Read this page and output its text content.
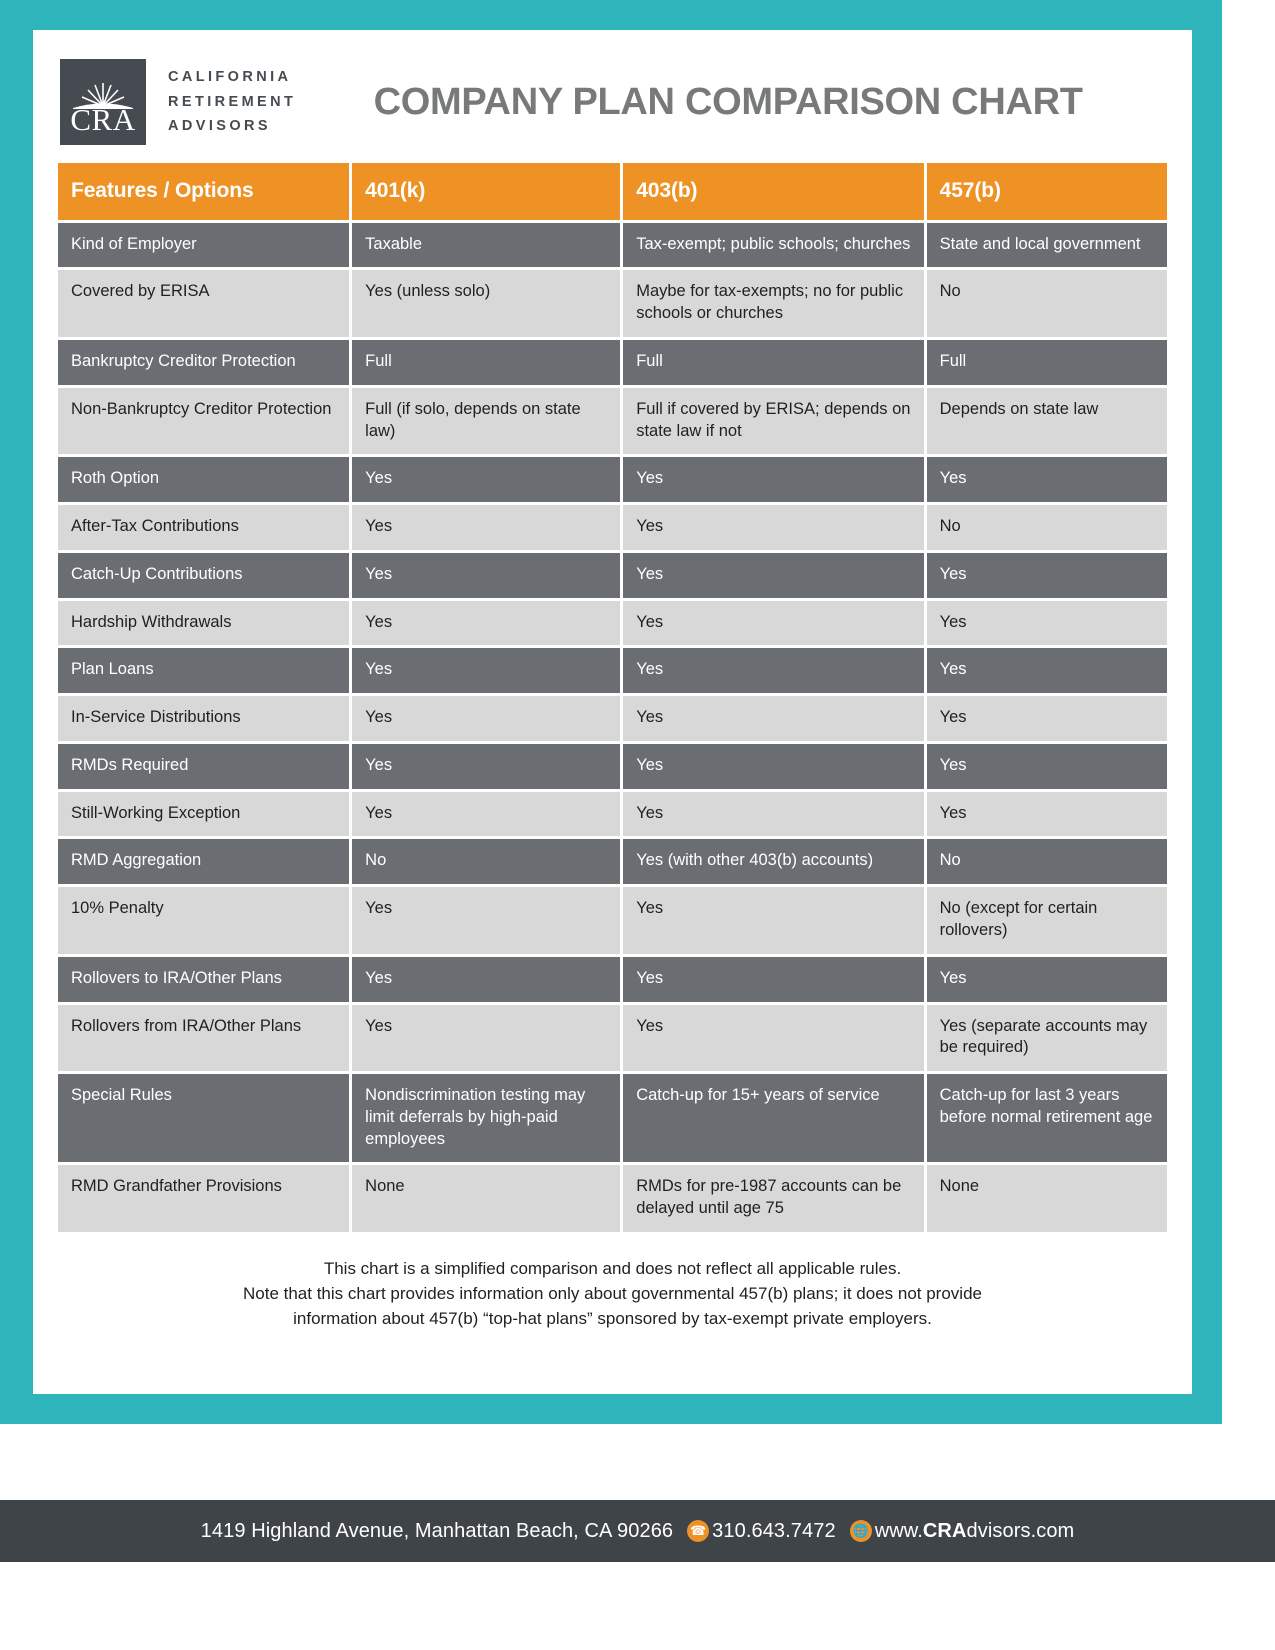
CRA
CALIFORNIA
RETIREMENT
ADVISORS
COMPANY PLAN COMPARISON CHART
Features / Options	401(k)	403(b)	457(b)
Kind of Employer	Taxable	Tax-exempt; public schools; churches	State and local government
Covered by ERISA	Yes (unless solo)	Maybe for tax-exempts; no for public schools or churches	No
Bankruptcy Creditor Protection	Full	Full	Full
Non-Bankruptcy Creditor Protection	Full (if solo, depends on state law)	Full if covered by ERISA; depends on state law if not	Depends on state law
Roth Option	Yes	Yes	Yes
After-Tax Contributions	Yes	Yes	No
Catch-Up Contributions	Yes	Yes	Yes
Hardship Withdrawals	Yes	Yes	Yes
Plan Loans	Yes	Yes	Yes
In-Service Distributions	Yes	Yes	Yes
RMDs Required	Yes	Yes	Yes
Still-Working Exception	Yes	Yes	Yes
RMD Aggregation	No	Yes (with other 403(b) accounts)	No
10% Penalty	Yes	Yes	No (except for certain rollovers)
Rollovers to IRA/Other Plans	Yes	Yes	Yes
Rollovers from IRA/Other Plans	Yes	Yes	Yes (separate accounts may be required)
Special Rules	Nondiscrimination testing may limit deferrals by high-paid employees	Catch-up for 15+ years of service	Catch-up for last 3 years before normal retirement age
RMD Grandfather Provisions	None	RMDs for pre-1987 accounts can be delayed until age 75	None
This chart is a simplified comparison and does not reflect all applicable rules.
Note that this chart provides information only about governmental 457(b) plans; it does not provide
information about 457(b) “top-hat plans” sponsored by tax-exempt private employers.
1419 Highland Avenue, Manhattan Beach, CA 90266 ☎ 310.643.7472 🌐 www. CRA dvisors.com
